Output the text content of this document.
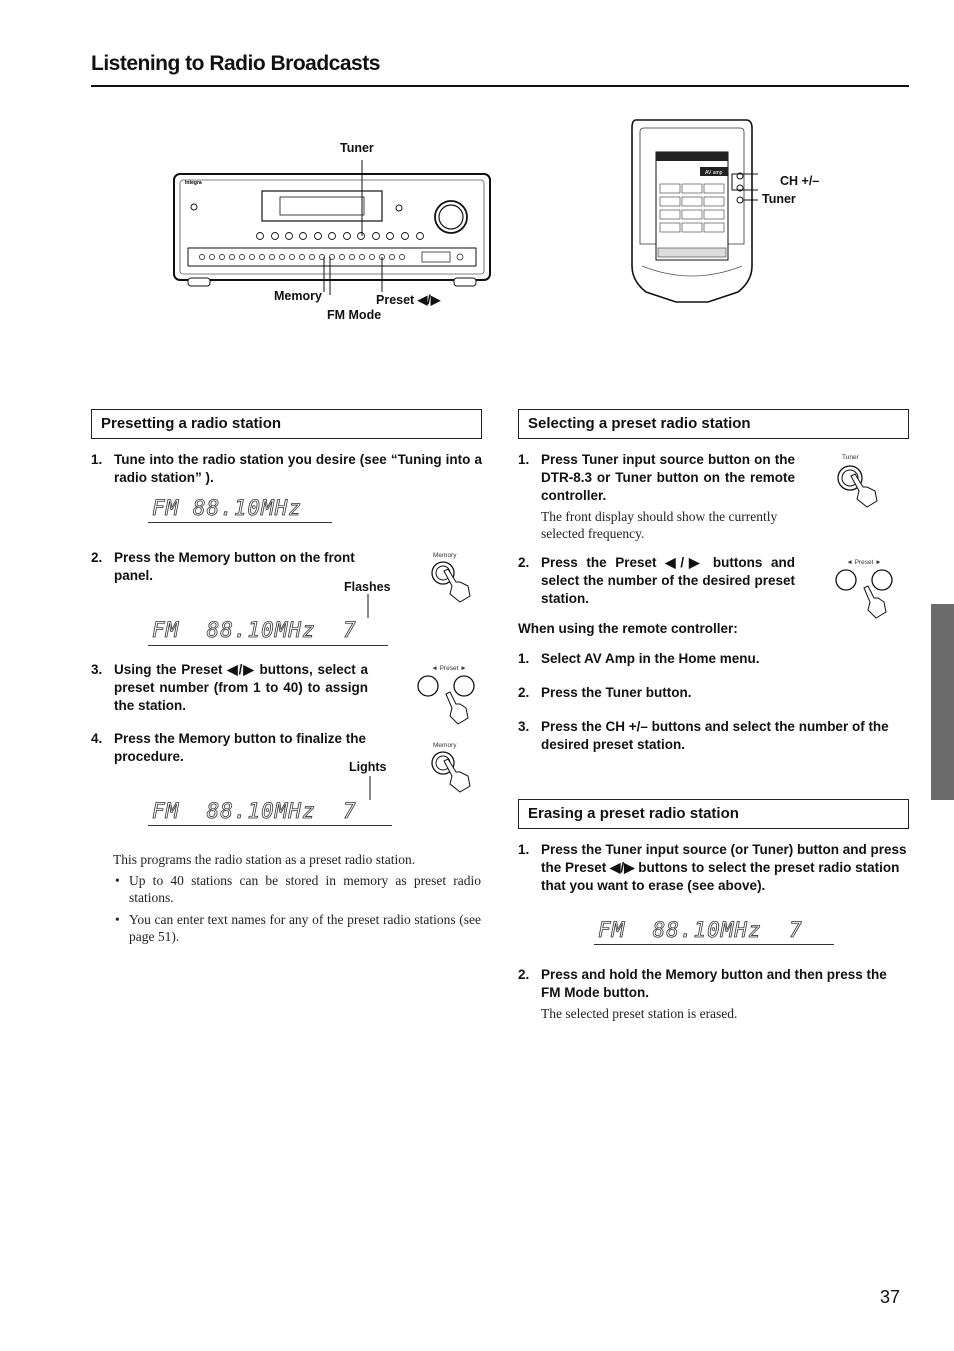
Listening to Radio Broadcasts
Integra
Tuner
Memory	Preset ◀/▶
FM Mode
AV amp
CH +/–
Tuner
Presetting a radio station
1. Tune into the radio station you desire (see “Tuning into a radio station” ).
FM 88.10MHz
2. Press the Memory button on the front panel.
Memory
Flashes
FM  88.10MHz  7
3. Using the Preset ◀/▶ buttons, select a preset number (from 1 to 40) to assign the station.
◄ Preset ►
4. Press the Memory button to finalize the procedure.
Memory
Lights
FM  88.10MHz  7
This programs the radio station as a preset radio station.
• Up to 40 stations can be stored in memory as preset radio stations.
• You can enter text names for any of the preset radio stations (see page 51).
Selecting a preset radio station
1. Press Tuner input source button on the DTR-8.3 or Tuner button on the remote controller.
The front display should show the currently selected frequency.
Tuner
2. Press the Preset ◀/▶ buttons and select the number of the desired preset station.
◄ Preset ►
When using the remote controller:
1. Select AV Amp in the Home menu.
2. Press the Tuner button.
3. Press the CH +/– buttons and select the number of the desired preset station.
Erasing a preset radio station
1. Press the Tuner input source (or Tuner) button and press the Preset ◀/▶ buttons to select the preset radio station that you want to erase (see above).
FM  88.10MHz  7
2. Press and hold the Memory button and then press the FM Mode button.
The selected preset station is erased.
37
